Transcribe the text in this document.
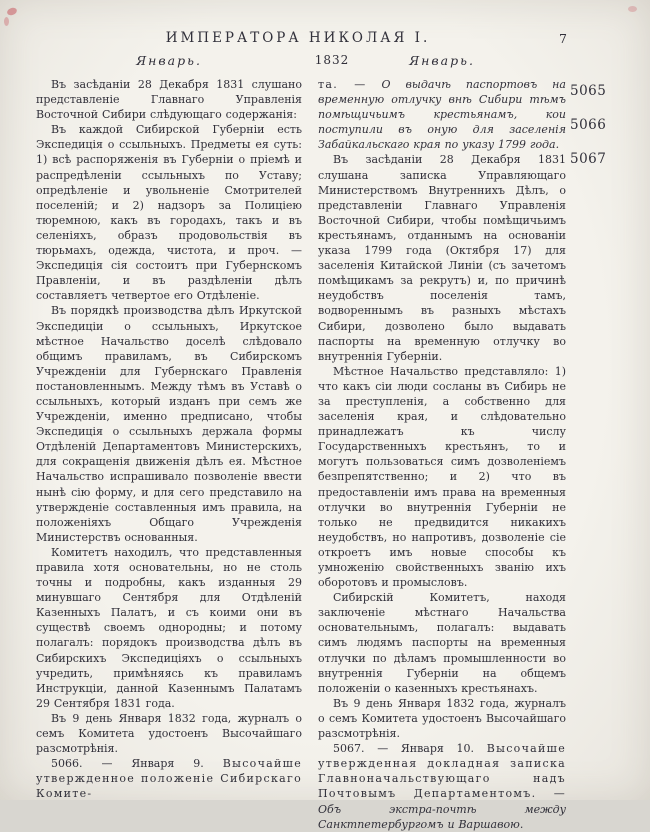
ИМПЕРАТОРА НИКОЛАЯ I.	7
Январь.	1832	Январь.

Въ засѣданіи 28 Декабря 1831 слушано представленіе Главнаго Управленія Восточной Сибири слѣдующаго содержанія:

Въ каждой Сибирской Губерніи есть Экспедиція о ссыльныхъ. Предметы ея суть: 1) всѣ распоряженія въ Губерніи о пріемѣ и распредѣленіи ссыльныхъ по Уставу; опредѣленіе и увольненіе Смотрителей поселеній; и 2) надзоръ за Полиціею тюремною, какъ въ городахъ, такъ и въ селеніяхъ, образъ продовольствія въ тюрьмахъ, одежда, чистота, и проч. — Экспедиція сія состоитъ при Губернскомъ Правленіи, и въ раздѣленіи дѣлъ составляетъ четвертое его Отдѣленіе.

Въ порядкѣ производства дѣлъ Иркутской Экспедиціи о ссыльныхъ, Иркутское мѣстное Начальство доселѣ слѣдовало общимъ правиламъ, въ Сибирскомъ Учрежденіи для Губернскаго Правленія постановленнымъ. Между тѣмъ въ Уставѣ о ссыльныхъ, который изданъ при семъ же Учрежденіи, именно предписано, чтобы Экспедиція о ссыльныхъ держала формы Отдѣленій Департаментовъ Министерскихъ, для сокращенія движенія дѣлъ ея. Мѣстное Начальство испрашивало позволеніе ввести нынѣ сію форму, и для сего представило на утвержденіе составленныя имъ правила, на положеніяхъ Общаго Учрежденія Министерствъ основанныя.

Комитетъ находилъ, что представленныя правила хотя основательны, но не столь точны и подробны, какъ изданныя 29 минувшаго Сентября для Отдѣленій Казенныхъ Палатъ, и съ коими они въ существѣ своемъ однородны; и потому полагалъ: порядокъ производства дѣлъ въ Сибирскихъ Экспедиціяхъ о ссыльныхъ учредить, примѣняясь къ правиламъ Инструкціи, данной Казеннымъ Палатамъ 29 Сентября 1831 года.

Въ 9 день Января 1832 года, журналъ о семъ Комитета удостоенъ Высочайшаго разсмотрѣнія.

5066. — Января 9. Высочайше утвержденное положеніе Сибирскаго Комите-

та. — О выдачѣ паспортовъ на временную отлучку внѣ Сибири тѣмъ помѣщичьимъ крестьянамъ, кои поступили въ оную для заселенія Забайкальскаго края по указу 1799 года.

Въ засѣданіи 28 Декабря 1831 слушана записка Управляющаго Министерствомъ Внутреннихъ Дѣлъ, о представленіи Главнаго Управленія Восточной Сибири, чтобы помѣщичьимъ крестьянамъ, отданнымъ на основаніи указа 1799 года (Октября 17) для заселенія Китайской Линіи (съ зачетомъ помѣщикамъ за рекрутъ) и, по причинѣ неудобствъ поселенія тамъ, водвореннымъ въ разныхъ мѣстахъ Сибири, дозволено было выдавать паспорты на временную отлучку во внутреннія Губерніи.

Мѣстное Начальство представляло: 1) что какъ сіи люди сосланы въ Сибирь не за преступленія, а собственно для заселенія края, и слѣдовательно принадлежатъ къ числу Государственныхъ крестьянъ, то и могутъ пользоваться симъ дозволеніемъ безпрепятственно; и 2) что въ предоставленіи имъ права на временныя отлучки во внутреннія Губерніи не только не предвидится никакихъ неудобствъ, но напротивъ, дозволеніе сіе откроетъ имъ новые способы къ умноженію свойственныхъ званію ихъ оборотовъ и промысловъ.

Сибирскій Комитетъ, находя заключеніе мѣстнаго Начальства основательнымъ, полагалъ: выдавать симъ людямъ паспорты на временныя отлучки по дѣламъ промышленности во внутреннія Губерніи на общемъ положеніи о казенныхъ крестьянахъ.

Въ 9 день Января 1832 года, журналъ о семъ Комитета удостоенъ Высочайшаго разсмотрѣнія.

5067. — Января 10. Высочайше утвержденная докладная записка Главноначальствующаго надъ Почтовымъ Департаментомъ. — Объ экстра-почтѣ между Санктпетербургомъ и Варшавою.

5065
5066
5067
